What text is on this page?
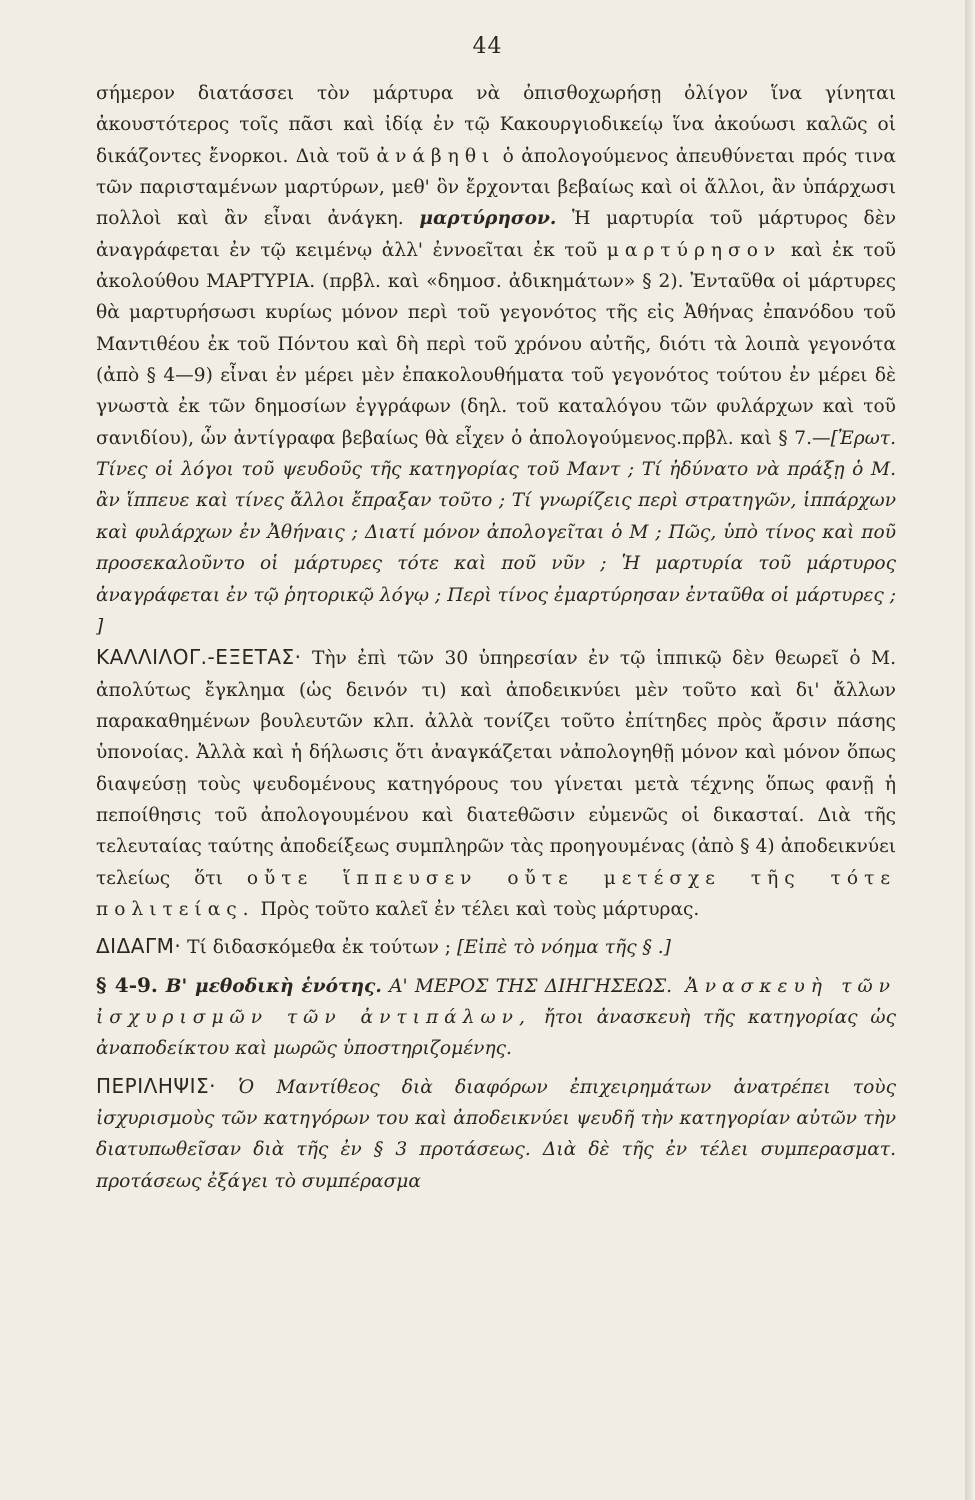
44

σήμερον διατάσσει τὸν μάρτυρα νὰ ὀπισθοχωρήσῃ ὀλίγον ἵνα γίνηται ἀκουστότερος τοῖς πᾶσι καὶ ἰδίᾳ ἐν τῷ Κακουργιοδικείῳ ἵνα ἀκούωσι καλῶς οἱ δικάζοντες ἔνορκοι. Διὰ τοῦ ἀνάβηθι ὁ ἀπολογούμενος ἀπευθύνεται πρός τινα τῶν παρισταμένων μαρτύρων, μεθ' ὃν ἔρχονται βεβαίως καὶ οἱ ἄλλοι, ἂν ὑπάρχωσι πολλοὶ καὶ ἂν εἶναι ἀνάγκη. μαρτύρησον. Ἡ μαρτυρία τοῦ μάρτυρος δὲν ἀναγράφεται ἐν τῷ κειμένῳ ἀλλ' ἐννοεῖται ἐκ τοῦ μαρτύρησον καὶ ἐκ τοῦ ἀκολούθου ΜΑΡΤΥΡΙΑ. (πρβλ. καὶ «δημοσ. ἀδικημάτων» § 2). Ἐνταῦθα οἱ μάρτυρες θὰ μαρτυρήσωσι κυρίως μόνον περὶ τοῦ γεγονότος τῆς εἰς Ἀθήνας ἐπανόδου τοῦ Μαντιθέου ἐκ τοῦ Πόντου καὶ δὴ περὶ τοῦ χρόνου αὐτῆς, διότι τὰ λοιπὰ γεγονότα (ἀπὸ § 4—9) εἶναι ἐν μέρει μὲν ἐπακολουθήματα τοῦ γεγονότος τούτου ἐν μέρει δὲ γνωστὰ ἐκ τῶν δημοσίων ἐγγράφων (δηλ. τοῦ καταλόγου τῶν φυλάρχων καὶ τοῦ σανιδίου), ὧν ἀντίγραφα βεβαίως θὰ εἶχεν ὁ ἀπολογούμενος.πρβλ. καὶ § 7.—[Ἐρωτ. Τίνες οἱ λόγοι τοῦ ψευδοῦς τῆς κατηγορίας τοῦ Μαντ ; Τί ἠδύνατο νὰ πράξῃ ὁ Μ. ἂν ἵππευε καὶ τίνες ἄλλοι ἔπραξαν τοῦτο ; Τί γνωρίζεις περὶ στρατηγῶν, ἱππάρχων καὶ φυλάρχων ἐν Ἀθήναις ; Διατί μόνον ἀπολογεῖται ὁ Μ ; Πῶς, ὑπὸ τίνος καὶ ποῦ προσεκαλοῦντο οἱ μάρτυρες τότε καὶ ποῦ νῦν ; Ἡ μαρτυρία τοῦ μάρτυρος ἀναγράφεται ἐν τῷ ῥητορικῷ λόγῳ ; Περὶ τίνος ἐμαρτύρησαν ἐνταῦθα οἱ μάρτυρες ; ]

ΚΑΛΛΙΛΟΓ.-ΕΞΕΤΑΣ· Τὴν ἐπὶ τῶν 30 ὑπηρεσίαν ἐν τῷ ἱππικῷ δὲν θεωρεῖ ὁ Μ. ἀπολύτως ἔγκλημα (ὡς δεινόν τι) καὶ ἀποδεικνύει μὲν τοῦτο καὶ δι' ἄλλων παρακαθημένων βουλευτῶν κλπ. ἀλλὰ τονίζει τοῦτο ἐπίτηδες πρὸς ἄρσιν πάσης ὑπονοίας. Ἀλλὰ καὶ ἡ δήλωσις ὅτι ἀναγκάζεται νἀπολογηθῇ μόνον καὶ μόνον ὅπως διαψεύσῃ τοὺς ψευδομένους κατηγόρους του γίνεται μετὰ τέχνης ὅπως φανῇ ἡ πεποίθησις τοῦ ἀπολογουμένου καὶ διατεθῶσιν εὐμενῶς οἱ δικασταί. Διὰ τῆς τελευταίας ταύτης ἀποδείξεως συμπληρῶν τὰς προηγουμένας (ἀπὸ § 4) ἀποδεικνύει τελείως ὅτι οὔτε ἵππευσεν οὔτε μετέσχε τῆς τότε πολιτείας. Πρὸς τοῦτο καλεῖ ἐν τέλει καὶ τοὺς μάρτυρας.

ΔΙΔΑΓΜ· Τί διδασκόμεθα ἐκ τούτων ; [Εἰπὲ τὸ νόημα τῆς § .]

§ 4-9. Β' μεθοδικὴ ἑνότης. Α' ΜΕΡΟΣ ΤΗΣ ΔΙΗΓΗΣΕΩΣ. Ἀνασκευὴ τῶν ἰσχυρισμῶν τῶν ἀντιπάλων, ἤτοι ἀνασκευὴ τῆς κατηγορίας ὡς ἀναποδείκτου καὶ μωρῶς ὑποστηριζομένης.

ΠΕΡΙΛΗΨΙΣ· Ὁ Μαντίθεος διὰ διαφόρων ἐπιχειρημάτων ἀνατρέπει τοὺς ἰσχυρισμοὺς τῶν κατηγόρων του καὶ ἀποδεικνύει ψευδῆ τὴν κατηγορίαν αὐτῶν τὴν διατυπωθεῖσαν διὰ τῆς ἐν § 3 προτάσεως. Διὰ δὲ τῆς ἐν τέλει συμπερασματ. προτάσεως ἐξάγει τὸ συμπέρασμα
